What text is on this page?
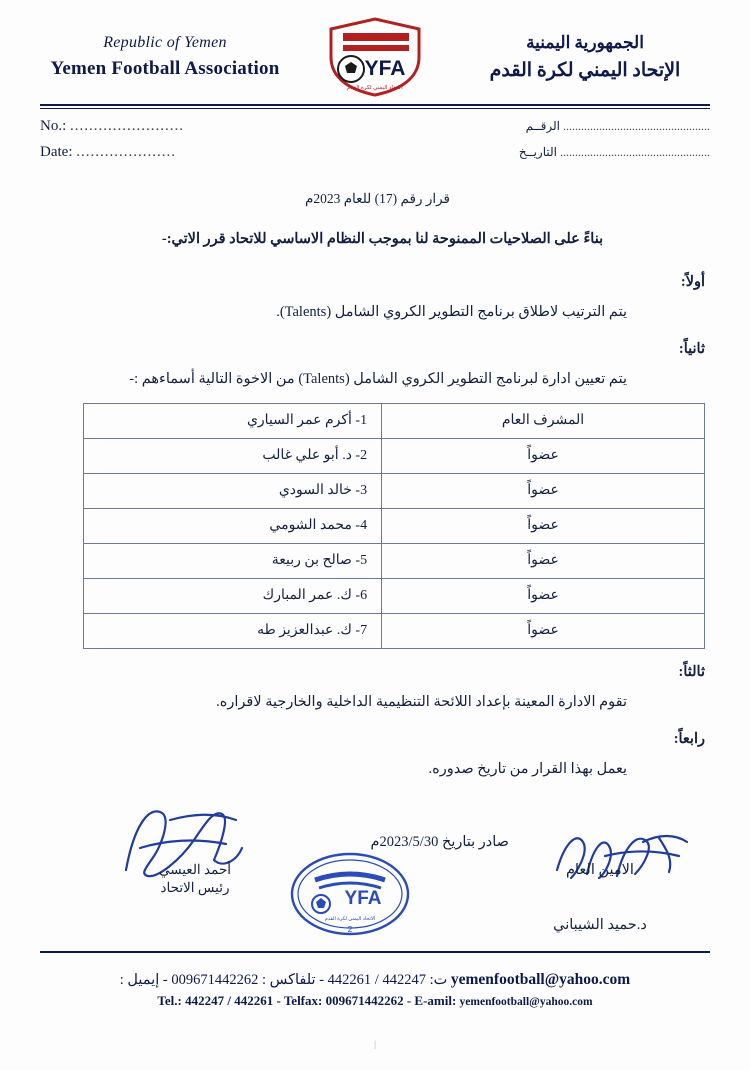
Republic of Yemen
Yemen Football Association	YFA
الاتحاد اليمني لكرة القدم
الجمهورية اليمنية
الإتحاد اليمني لكرة القدم
No.: ........................	................................................. الرقــم
Date: .....................	.................................................. التاريــخ
قرار رقم (17) للعام 2023م
بناءً على الصلاحيات الممنوحة لنا بموجب النظام الاساسي للاتحاد قرر الاتي:-
أولاً:
يتم الترتيب لاطلاق برنامج التطوير الكروي الشامل (Talents).
ثانياً:
يتم تعيين ادارة لبرنامج التطوير الكروي الشامل (Talents) من الاخوة التالية أسماءهم :-
المشرف العام	1- أكرم عمر السياري
عضواً	2- د. أبو علي غالب
عضواً	3- خالد السودي
عضواً	4- محمد الشومي
عضواً	5- صالح بن ربيعة
عضواً	6- ك. عمر المبارك
عضواً	7- ك. عبدالعزيز طه
ثالثاً:
تقوم الادارة المعينة بإعداد اللائحة التنظيمية الداخلية والخارجية لاقراره.
رابعاً:
يعمل بهذا القرار من تاريخ صدوره.
صادر بتاريخ 2023/5/30م
أحمد العيسي
رئيس الاتحاد
YFA
الاتحاد اليمني لكرة القدم
2
الامين العام
د.حميد الشيباني
yemenfootball@yahoo.com ت: 442247 / 442261 - تلفاكس : 009671442262 - إيميل :
Tel.: 442247 / 442261 - Telfax: 009671442262 - E-amil: yemenfootball@yahoo.com
|
